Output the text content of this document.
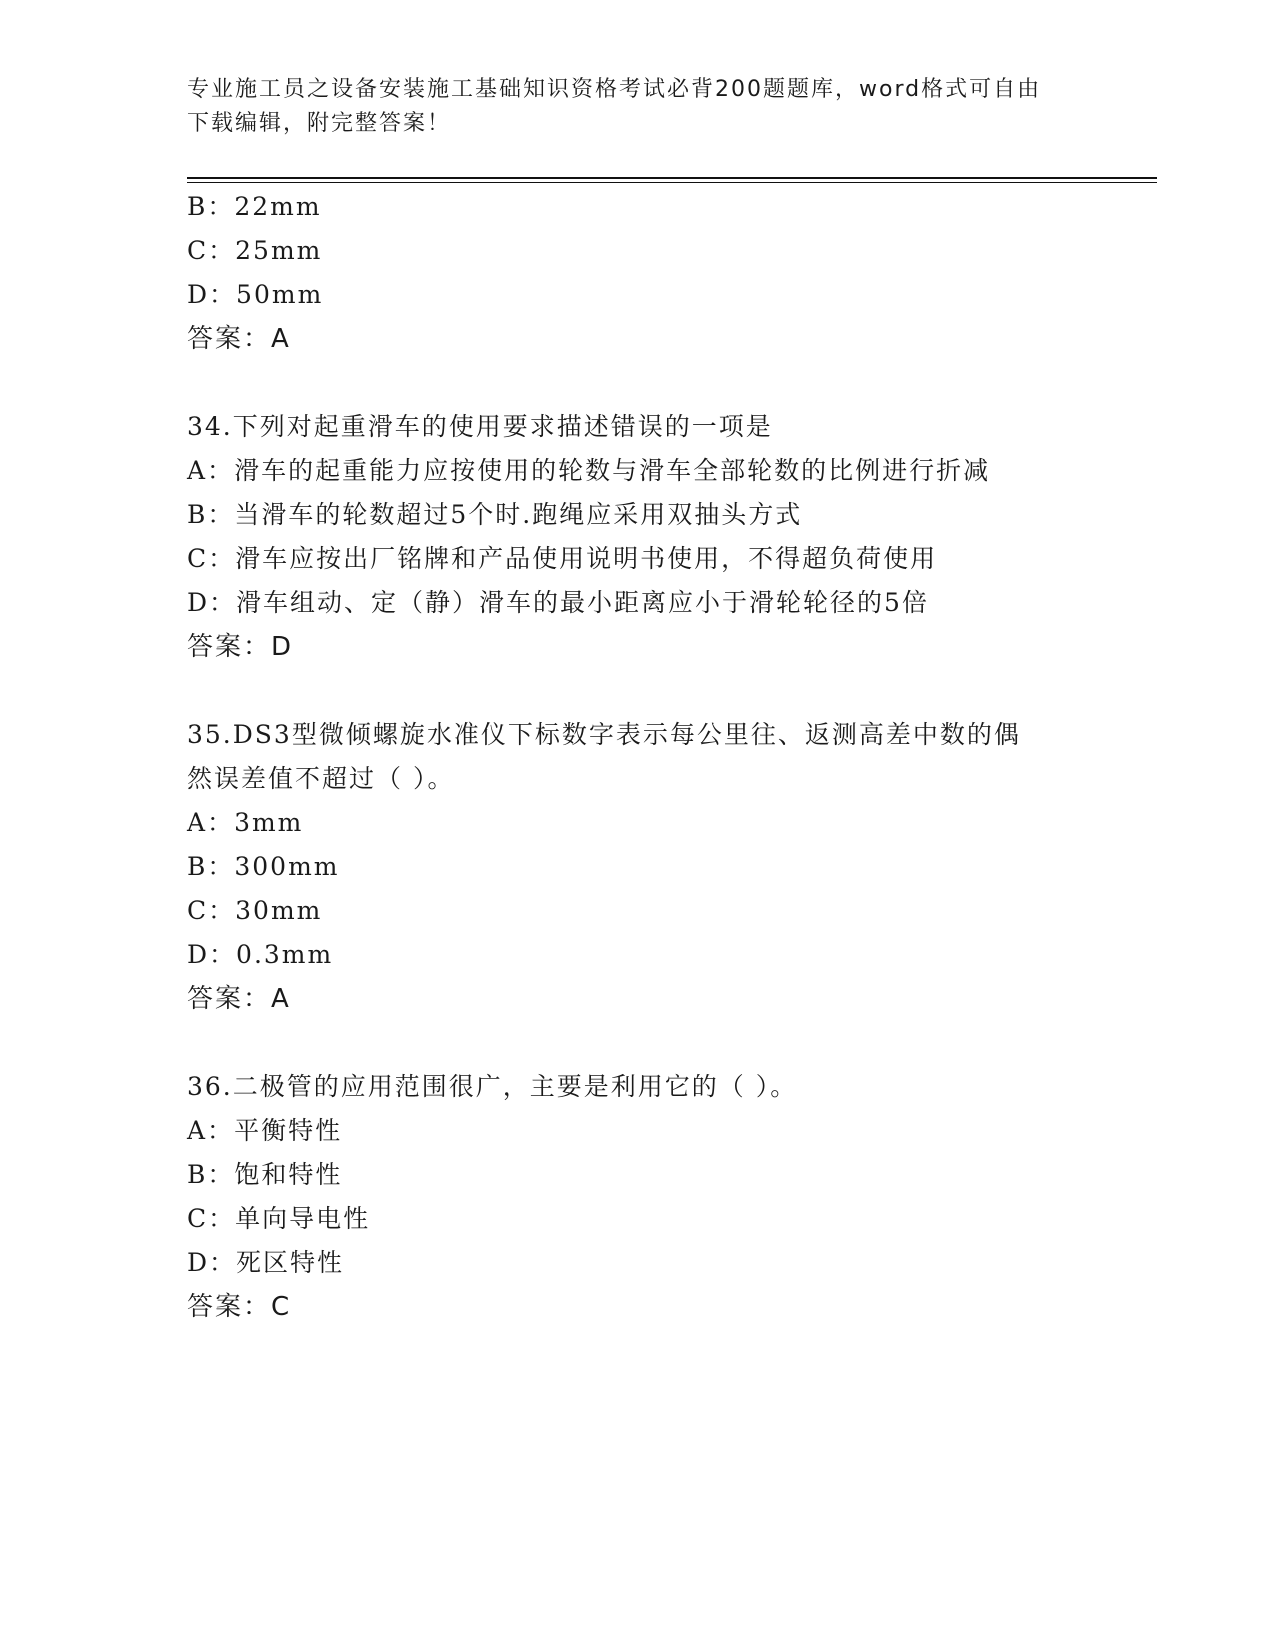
专业施工员之设备安装施工基础知识资格考试必背200题题库，word格式可自由
下载编辑，附完整答案！
B：22mm
C：25mm
D：50mm
答案：A
34.下列对起重滑车的使用要求描述错误的一项是
A：滑车的起重能力应按使用的轮数与滑车全部轮数的比例进行折减
B：当滑车的轮数超过5个时.跑绳应采用双抽头方式
C：滑车应按出厂铭牌和产品使用说明书使用，不得超负荷使用
D：滑车组动、定（静）滑车的最小距离应小于滑轮轮径的5倍
答案：D
35.DS3型微倾螺旋水准仪下标数字表示每公里往、返测高差中数的偶
然误差值不超过（ ）。
A：3mm
B：300mm
C：30mm
D：0.3mm
答案：A
36.二极管的应用范围很广，主要是利用它的（ ）。
A：平衡特性
B：饱和特性
C：单向导电性
D：死区特性
答案：C
